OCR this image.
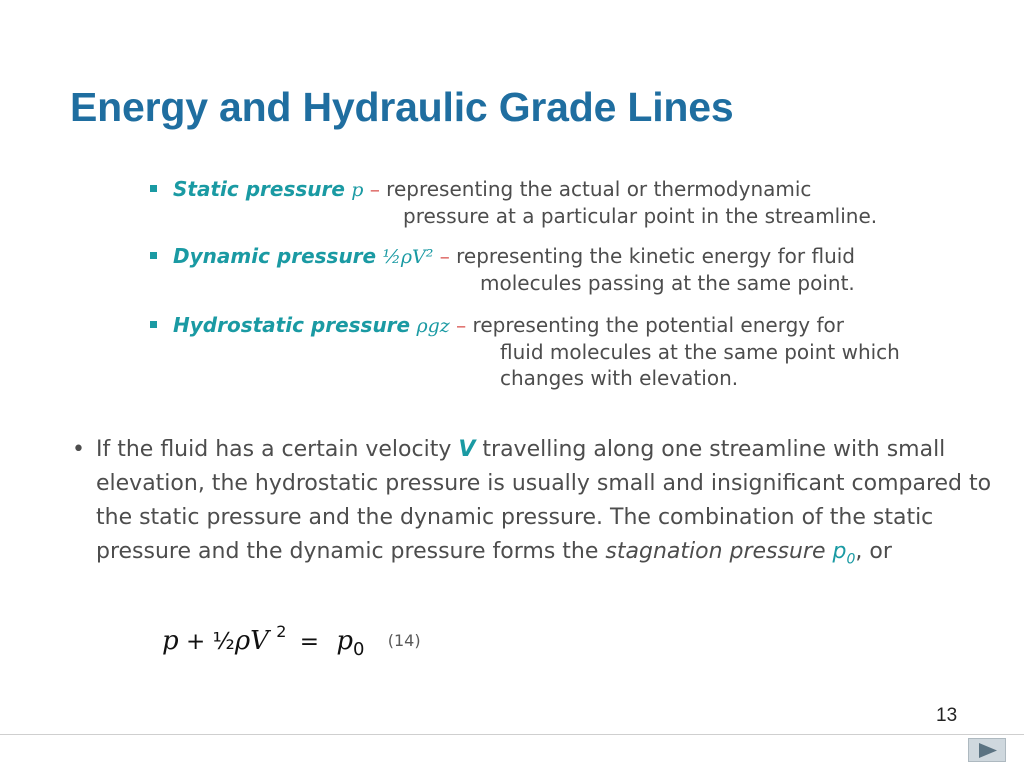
Energy and Hydraulic Grade Lines
Static pressure p – representing the actual or thermodynamic
pressure at a particular point in the streamline.
Dynamic pressure ½ρV² – representing the kinetic energy for fluid
molecules passing at the same point.
Hydrostatic pressure ρgz – representing the potential energy for
fluid molecules at the same point which
changes with elevation.

• If the fluid has a certain velocity V travelling along one streamline with small elevation, the hydrostatic pressure is usually small and insignificant compared to the static pressure and the dynamic pressure. The combination of the static pressure and the dynamic pressure forms the stagnation pressure $p_0$, or

p + ½ρV $^2 = p_0$ (14)
13
